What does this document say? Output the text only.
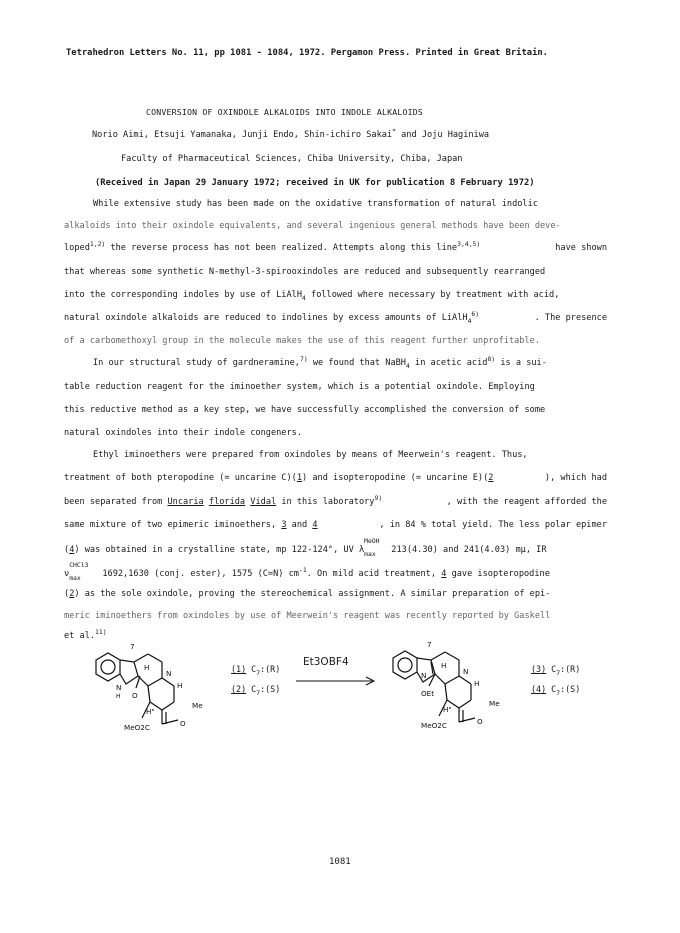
Tetrahedron Letters No. 11, pp 1081 - 1084, 1972. Pergamon Press. Printed in Great Britain.
CONVERSION OF OXINDOLE ALKALOIDS INTO INDOLE ALKALOIDS
Norio Aimi, Etsuji Yamanaka, Junji Endo, Shin-ichiro Sakai* and Joju Haginiwa
Faculty of Pharmaceutical Sciences, Chiba University, Chiba, Japan
(Received in Japan 29 January 1972; received in UK for publication 8 February 1972)
While extensive study has been made on the oxidative transformation of natural indolic
alkaloids into their oxindole equivalents, and several ingenious general methods have been deve-
loped$^{1,2)}$ the reverse process has not been realized. Attempts along this line$^{3,4,5)}$	have shown
that whereas some synthetic N-methyl-3-spirooxindoles are reduced and subsequently rearranged
into the corresponding indoles by use of LiAlH$_4$ followed where necessary by treatment with acid,
natural oxindole alkaloids are reduced to indolines by excess amounts of LiAlH$_4^{6)}$	. The presence
of a carbomethoxyl group in the molecule makes the use of this reagent further unprofitable.
In our structural study of gardneramine,$^{7)}$ we found that NaBH$_4$ in acetic acid$^{8)}$ is a sui-
table reduction reagent for the iminoether system, which is a potential oxindole. Employing
this reductive method as a key step, we have successfully accomplished the conversion of some
natural oxindoles into their indole congeners.
Ethyl iminoethers were prepared from oxindoles by means of Meerwein's reagent. Thus,
treatment of both pteropodine (= uncarine C)(1) and isopteropodine (= uncarine E)(2	), which had
been separated from Uncaria florida Vidal in this laboratory$^{9)}$	, with the reagent afforded the
same mixture of two epimeric iminoethers, 3 and 4	, in 84 % total yield. The less polar epimer
(4) was obtained in a crystalline state, mp 122-124°, UV λ
MeOH
max 213(4.30) and 241(4.03) mμ, IR
ν
CHCl3
max 1692,1630 (conj. ester), 1575 (C=N) $cm^{-1}$. On mild acid treatment, 4 gave isopteropodine
(2) as the sole oxindole, proving the stereochemical assignment. A similar preparation of epi-
meric iminoethers from oxindoles by use of Meerwein's reagent was recently reported by Gaskell
et al.$^{11)}$
7
H
N
H O
N
H
Me
H"
MeO2C	O
(1) $C_7:(R)$
(2) $C_7:(S)$
Et3OBF4
7
H
N
OEt
N
H
Me
H"
MeO2C	O
(3) $C_7:(R)$
(4) $C_7:(S)$
1081
